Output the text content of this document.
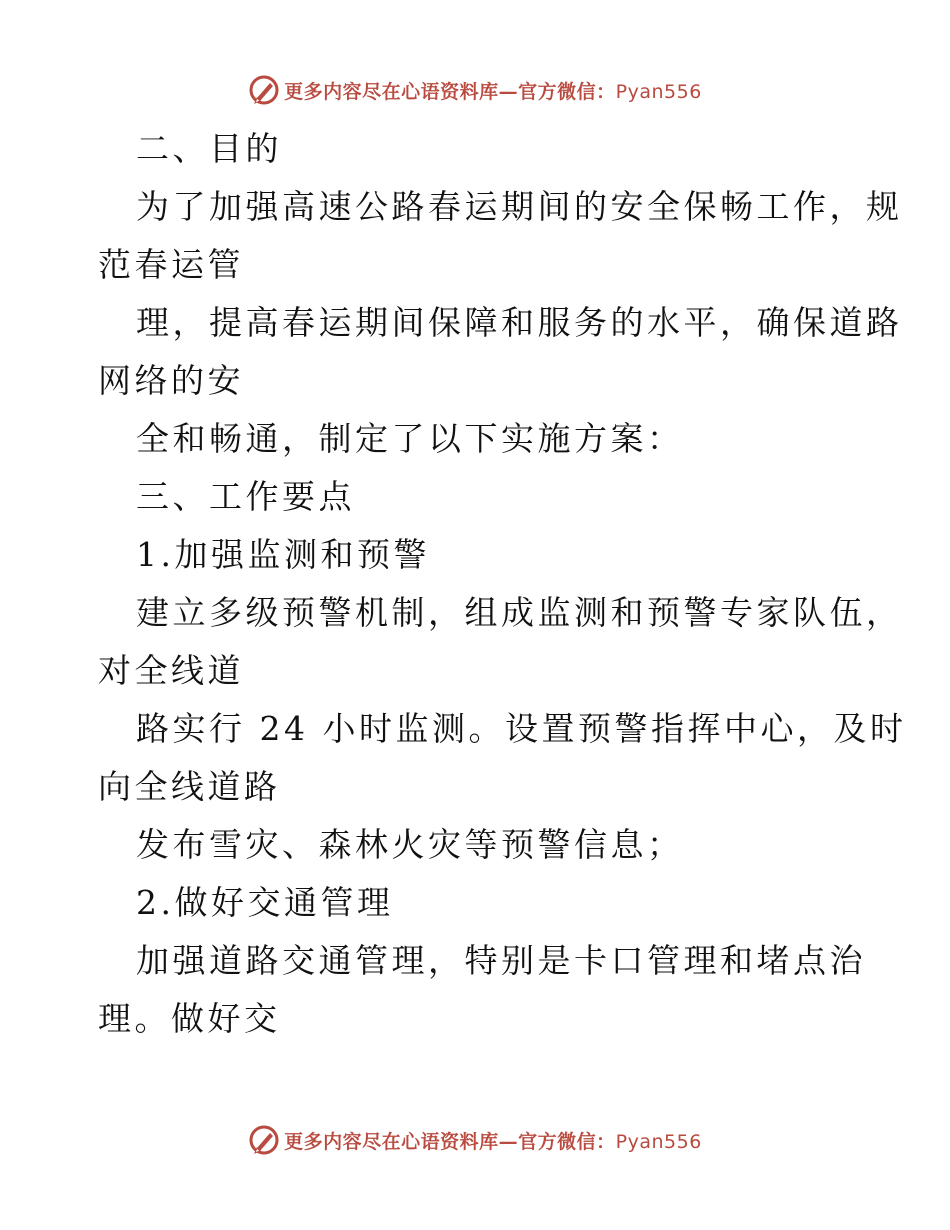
更多内容尽在心语资料库—官方微信：Pyan556
二、目的
为了加强高速公路春运期间的安全保畅工作，规
范春运管
理，提高春运期间保障和服务的水平，确保道路
网络的安
全和畅通，制定了以下实施方案：
三、工作要点
1.加强监测和预警
建立多级预警机制，组成监测和预警专家队伍，
对全线道
路实行 24 小时监测。设置预警指挥中心，及时
向全线道路
发布雪灾、森林火灾等预警信息；
2.做好交通管理
加强道路交通管理，特别是卡口管理和堵点治
理。做好交
更多内容尽在心语资料库—官方微信：Pyan556
